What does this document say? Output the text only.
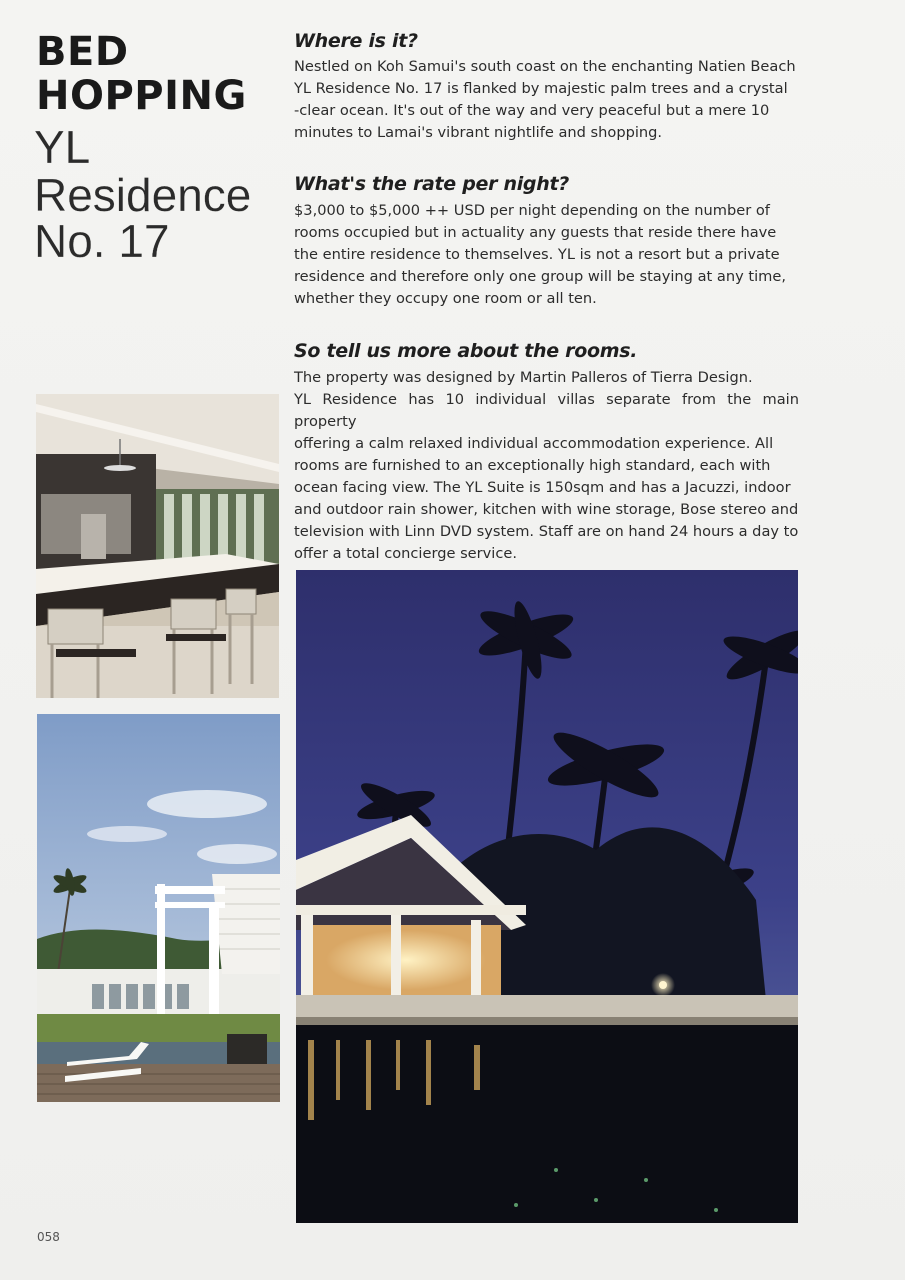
BED
HOPPING
YL
Residence
No. 17
Where is it?
Nestled on Koh Samui's south coast on the enchanting Natien Beach
YL Residence No. 17 is flanked by majestic palm trees and a crystal
-clear ocean. It's out of the way and very peaceful but a mere 10
minutes to Lamai's vibrant nightlife and shopping.
What's the rate per night?
$3,000 to $5,000 ++ USD per night depending on the number of
rooms occupied but in actuality any guests that reside there have
the entire residence to themselves. YL is not a resort but a private
residence and therefore only one group will be staying at any time,
whether they occupy one room or all ten.
So tell us more about the rooms.
The property was designed by Martin Palleros of Tierra Design.
YL Residence has 10 individual villas separate from the main property
offering a calm relaxed individual accommodation experience. All
rooms are furnished to an exceptionally high standard, each with
ocean facing view. The YL Suite is 150sqm and has a Jacuzzi, indoor
and outdoor rain shower, kitchen with wine storage, Bose stereo and
television with Linn DVD system. Staff are on hand 24 hours a day to
offer a total concierge service.
058
